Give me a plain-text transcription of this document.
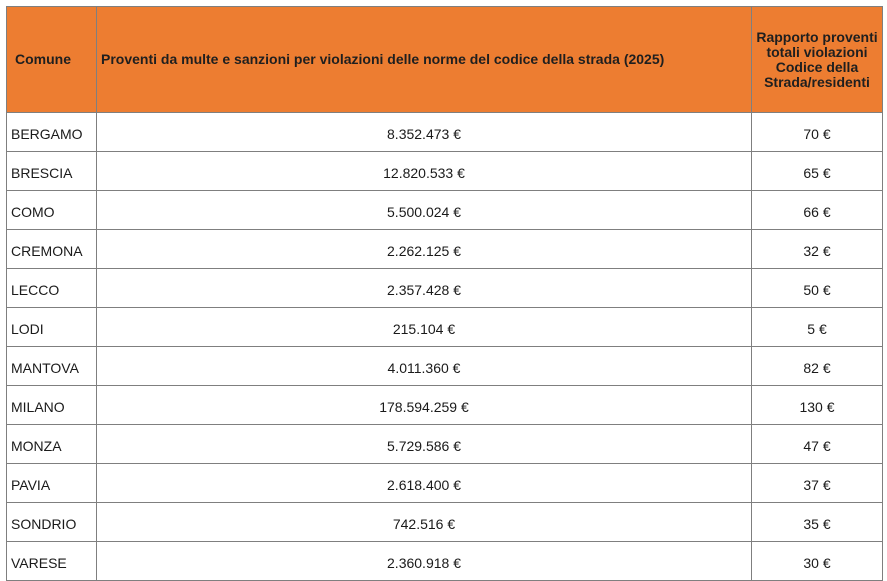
Comune	Proventi da multe e sanzioni per violazioni delle norme del codice della strada (2025)	Rapporto proventi totali violazioni Codice della Strada/residenti
BERGAMO	8.352.473 €	70 €
BRESCIA	12.820.533 €	65 €
COMO	5.500.024 €	66 €
CREMONA	2.262.125 €	32 €
LECCO	2.357.428 €	50 €
LODI	215.104 €	5 €
MANTOVA	4.011.360 €	82 €
MILANO	178.594.259 €	130 €
MONZA	5.729.586 €	47 €
PAVIA	2.618.400 €	37 €
SONDRIO	742.516 €	35 €
VARESE	2.360.918 €	30 €
